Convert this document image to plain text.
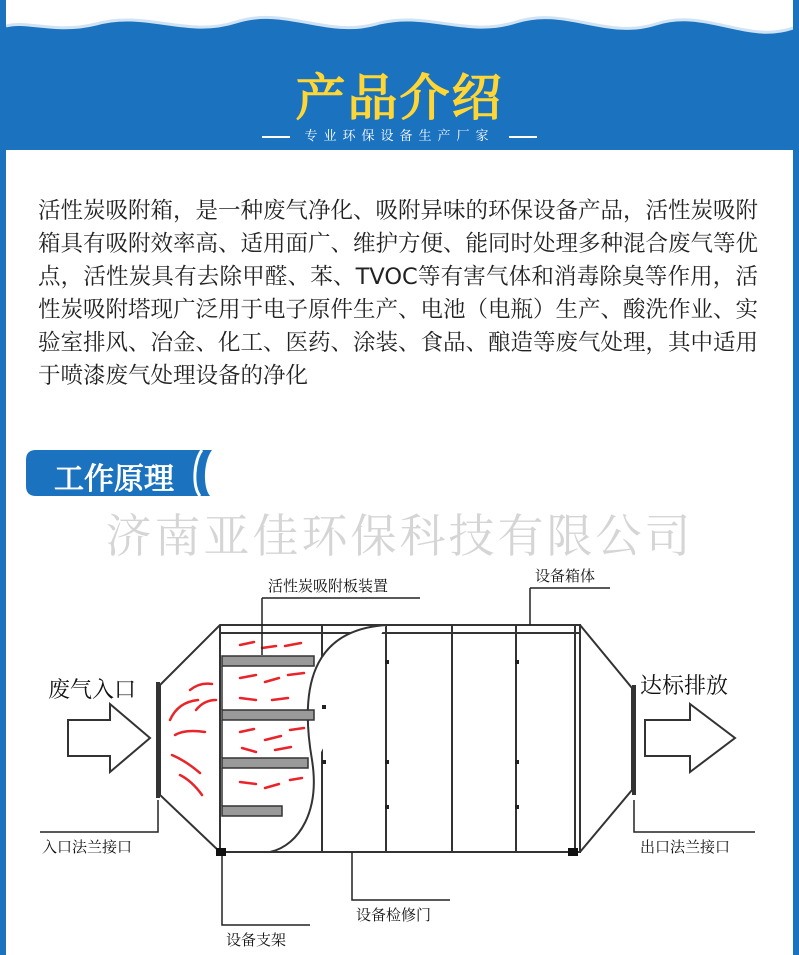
产品介绍
专业环保设备生产厂家
活性炭吸附箱，是一种废气净化、吸附异味的环保设备产品，活性炭吸附箱具有吸附效率高、适用面广、维护方便、能同时处理多种混合废气等优点，活性炭具有去除甲醛、苯、TVOC等有害气体和消毒除臭等作用，活性炭吸附塔现广泛用于电子原件生产、电池（电瓶）生产、酸洗作业、实验室排风、冶金、化工、医药、涂装、食品、酿造等废气处理，其中适用于喷漆废气处理设备的净化
工作原理
济南亚佳环保科技有限公司
活性炭吸附板装置
设备箱体
废气入口	达标排放
入口法兰接口	出口法兰接口
设备支架
设备检修门
